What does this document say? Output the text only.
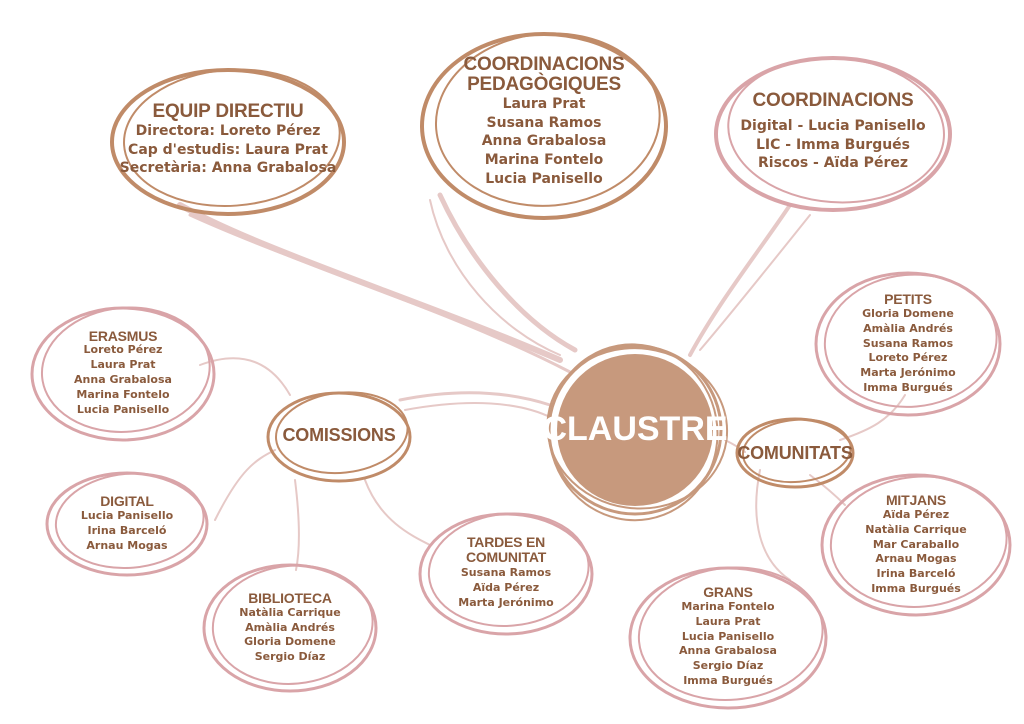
EQUIP DIRECTIU
Directora: Loreto Pérez
Cap d'estudis: Laura Prat
Secretària: Anna Grabalosa
COORDINACIONS
PEDAGÒGIQUES
Laura Prat
Susana Ramos
Anna Grabalosa
Marina Fontelo
Lucia Panisello
COORDINACIONS
Digital - Lucia Panisello
LIC - Imma Burgués
Riscos - Aïda Pérez
CLAUSTRE
COMISSIONS
COMUNITATS
ERASMUS
Loreto Pérez
Laura Prat
Anna Grabalosa
Marina Fontelo
Lucia Panisello
DIGITAL
Lucia Panisello
Irina Barceló
Arnau Mogas
BIBLIOTECA
Natàlia Carrique
Amàlia Andrés
Gloria Domene
Sergio Díaz
TARDES EN
COMUNITAT
Susana Ramos
Aïda Pérez
Marta Jerónimo
PETITS
Gloria Domene
Amàlia Andrés
Susana Ramos
Loreto Pérez
Marta Jerónimo
Imma Burgués
MITJANS
Aïda Pérez
Natàlia Carrique
Mar Caraballo
Arnau Mogas
Irina Barceló
Imma Burgués
GRANS
Marina Fontelo
Laura Prat
Lucia Panisello
Anna Grabalosa
Sergio Díaz
Imma Burgués
